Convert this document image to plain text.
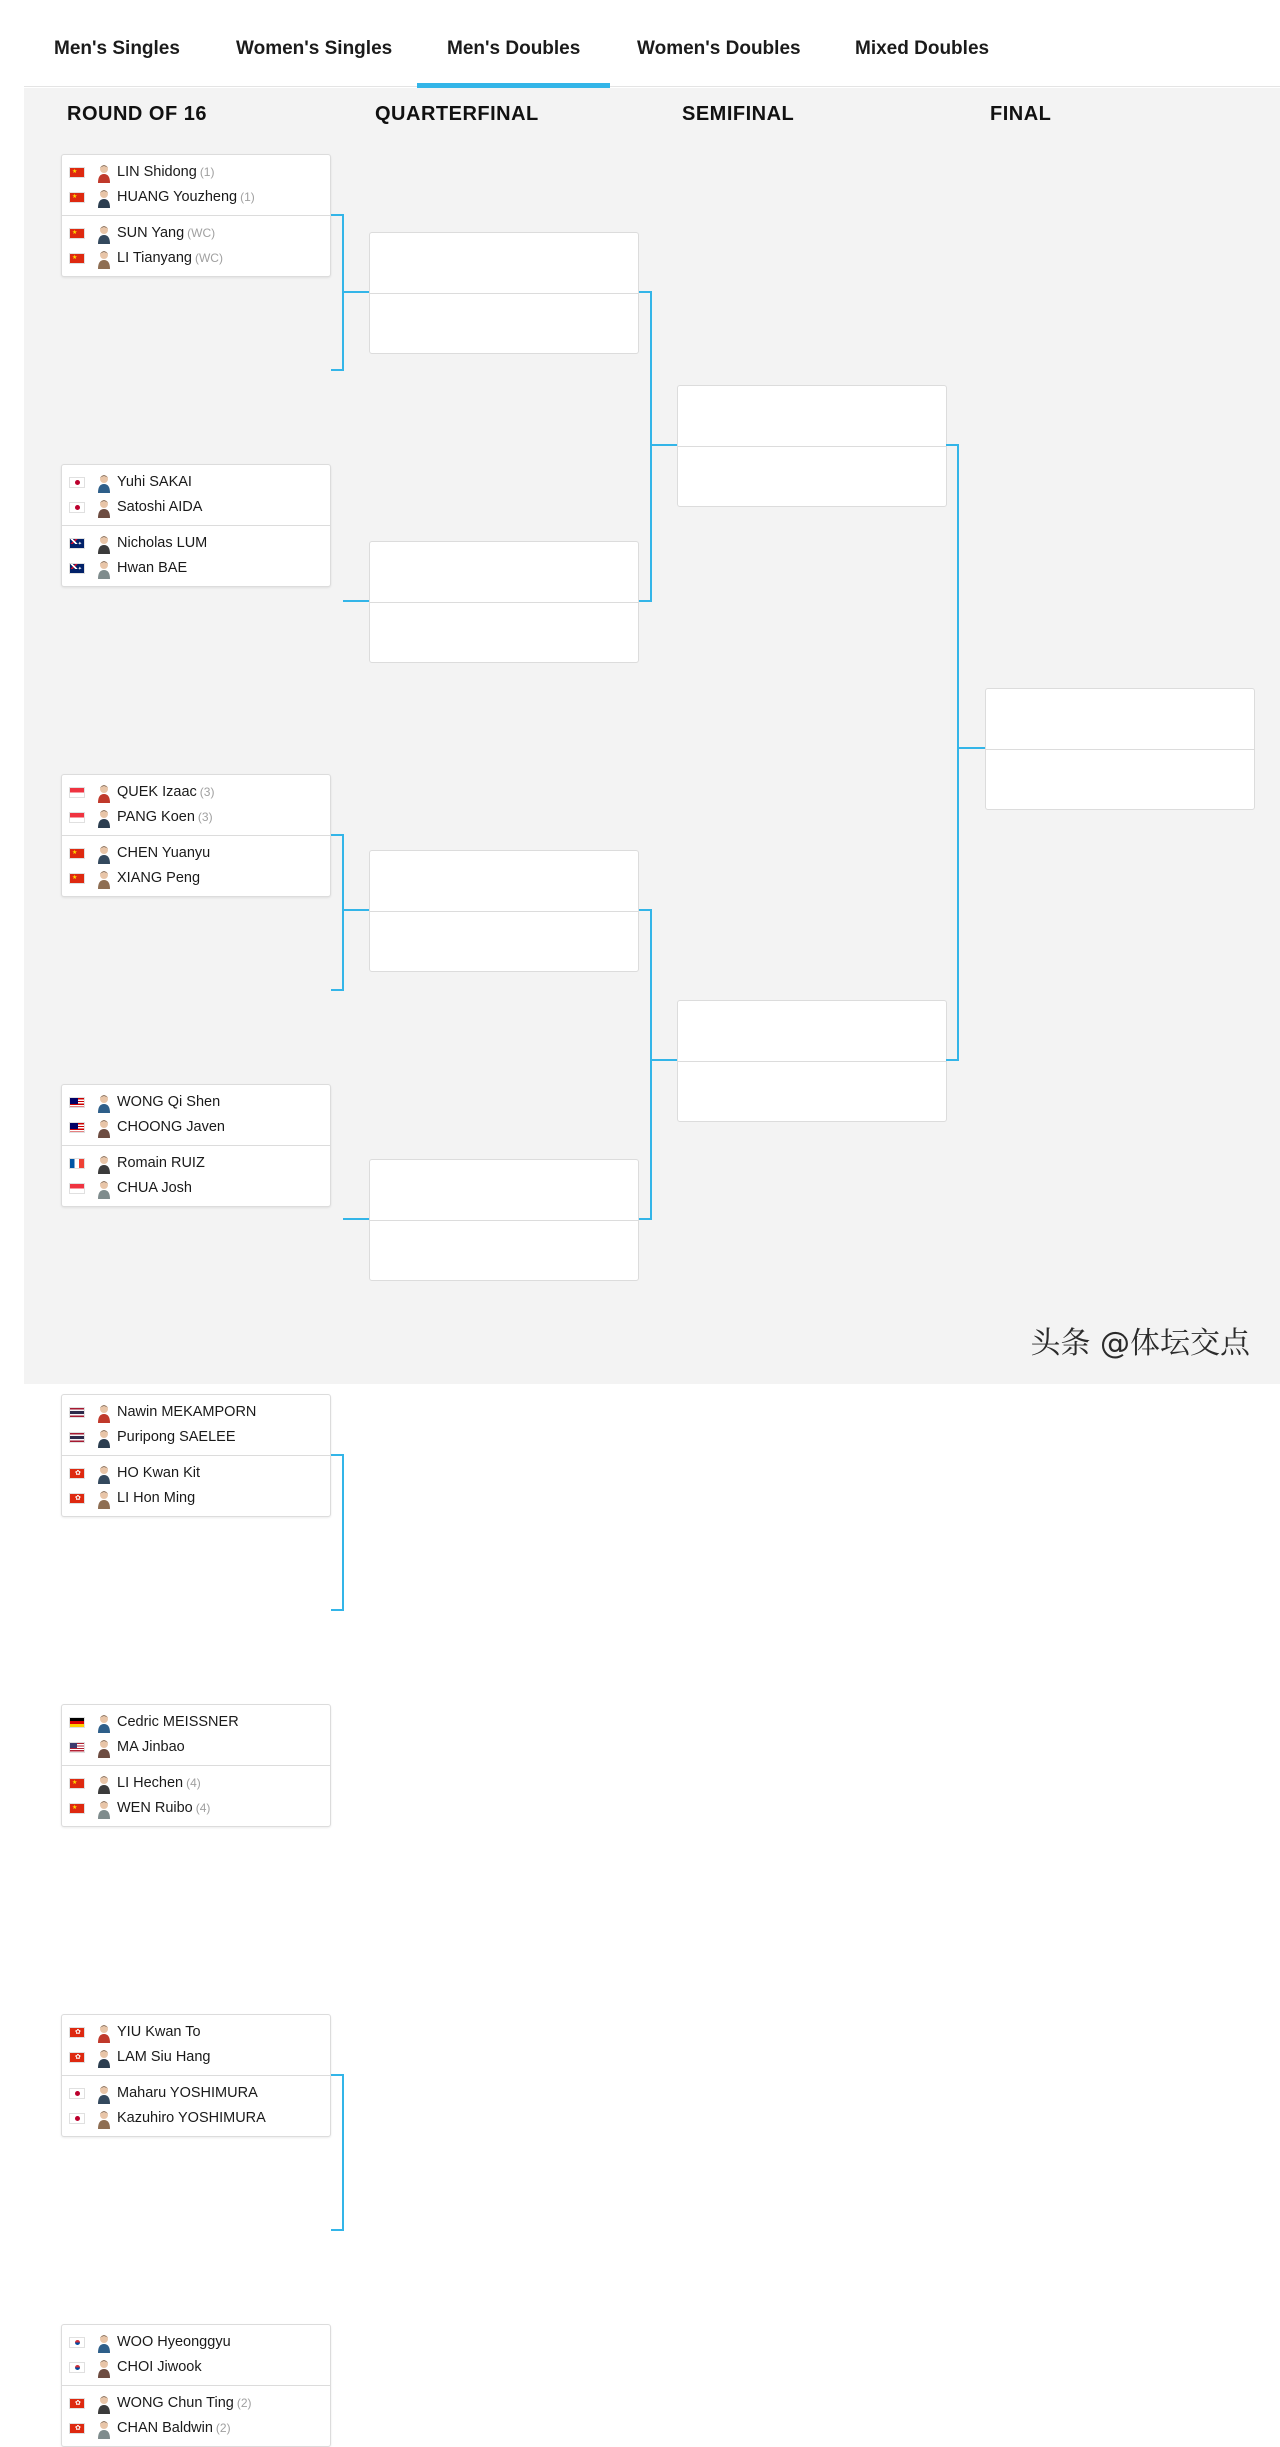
Men's Singles	Women's Singles	Men's Doubles	Women's Doubles	Mixed Doubles
ROUND OF 16	QUARTERFINAL	SEMIFINAL	FINAL
★	LIN Shidong (1)
★	HUANG Youzheng (1)
★	SUN Yang (WC)
★	LI Tianyang (WC)
Yuhi SAKAI
Satoshi AIDA
✦ Nicholas LUM
✦ Hwan BAE
QUEK Izaac (3)
PANG Koen (3)
★	CHEN Yuanyu
★	XIANG Peng
WONG Qi Shen
CHOONG Javen
Romain RUIZ
CHUA Josh
Nawin MEKAMPORN
Puripong SAELEE
✿ HO Kwan Kit
✿ LI Hon Ming
Cedric MEISSNER
MA Jinbao
★	LI Hechen (4)
★	WEN Ruibo (4)
✿ YIU Kwan To
✿ LAM Siu Hang
Maharu YOSHIMURA
Kazuhiro YOSHIMURA
WOO Hyeonggyu
CHOI Jiwook
✿ WONG Chun Ting (2)
✿ CHAN Baldwin (2)
头条 @体坛交点
